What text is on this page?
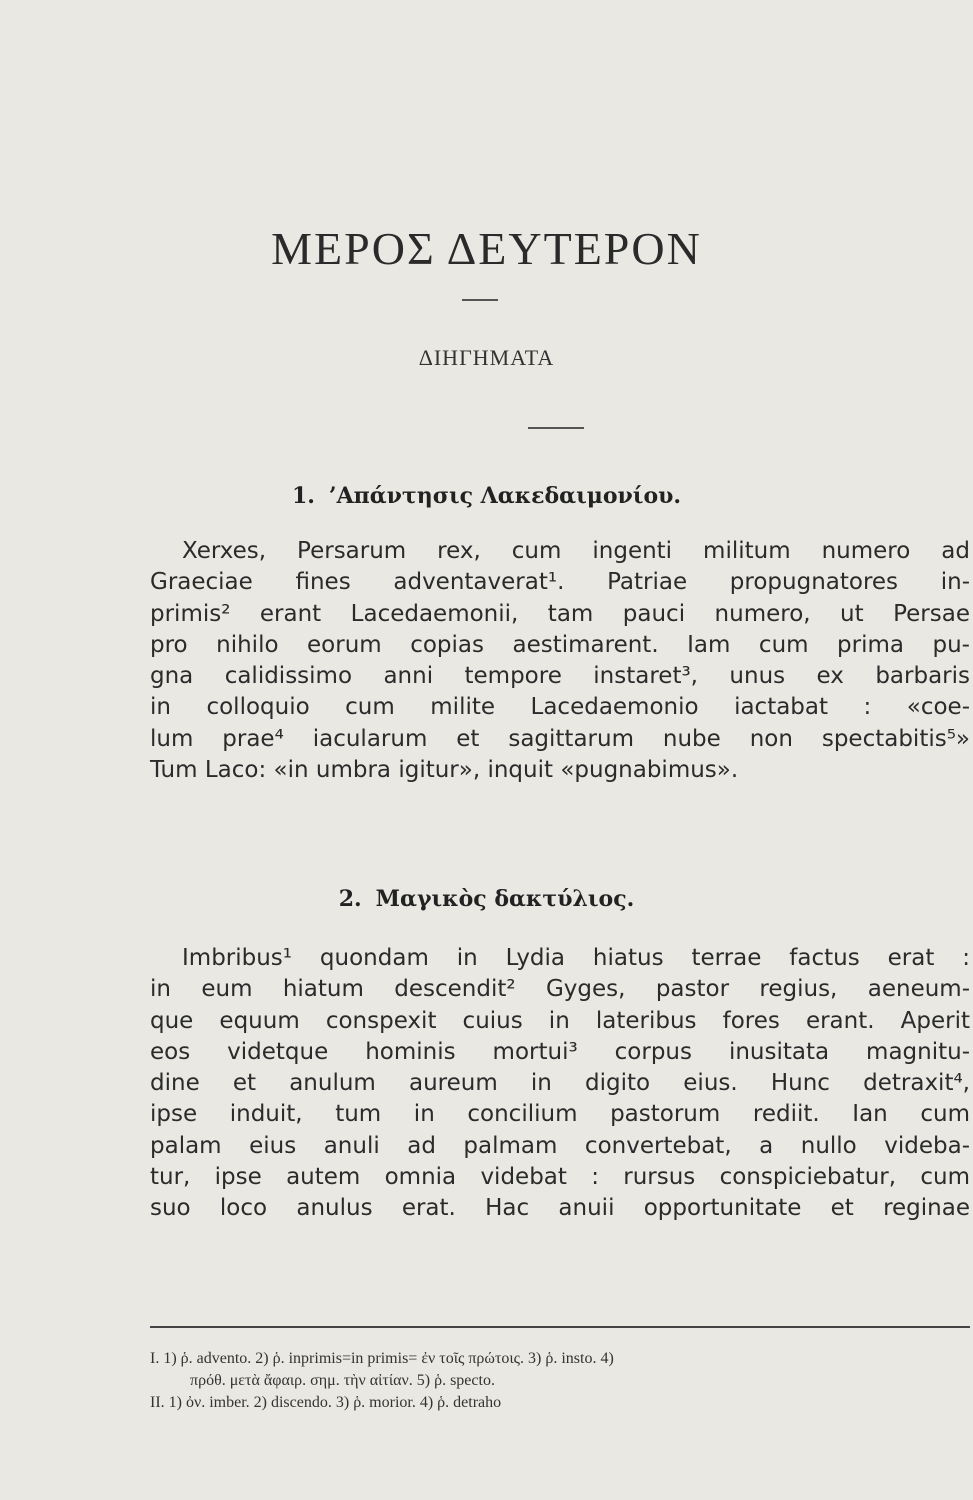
ΜΕΡΟΣ ΔΕΥΤΕΡΟΝ
ΔΙΗΓΗΜΑΤΑ
1. ’Απάντησις Λακεδαιμονίου.
Xerxes, Persarum rex, cum ingenti militum numero ad
Graeciae fines adventaverat¹. Patriae propugnatores in-
primis² erant Lacedaemonii, tam pauci numero, ut Persae
pro nihilo eorum copias aestimarent. Iam cum prima pu-
gna calidissimo anni tempore instaret³, unus ex barbaris
in colloquio cum milite Lacedaemonio iactabat : «coe-
lum prae⁴ iacularum et sagittarum nube non spectabitis⁵»
Tum Laco: «in umbra igitur», inquit «pugnabimus».
2. Μαγικὸς δακτύλιος.
Imbribus¹ quondam in Lydia hiatus terrae factus erat :
in eum hiatum descendit² Gyges, pastor regius, aeneum-
que equum conspexit cuius in lateribus fores erant. Aperit
eos videtque hominis mortui³ corpus inusitata magnitu-
dine et anulum aureum in digito eius. Hunc detraxit⁴,
ipse induit, tum in concilium pastorum rediit. Ian cum
palam eius anuli ad palmam convertebat, a nullo videba-
tur, ipse autem omnia videbat : rursus conspiciebatur, cum
suo loco anulus erat. Hac anuii opportunitate et reginae
I. 1) ῥ. advento. 2) ῥ. inprimis=in primis= ἐν τοῖς πρώτοις. 3) ῥ. insto. 4)
πρόθ. μετὰ ἄφαιρ. σημ. τὴν αἰτίαν. 5) ῥ. specto.
II. 1) ὀν. imber. 2) discendo. 3) ῥ. morior. 4) ῥ. detraho
